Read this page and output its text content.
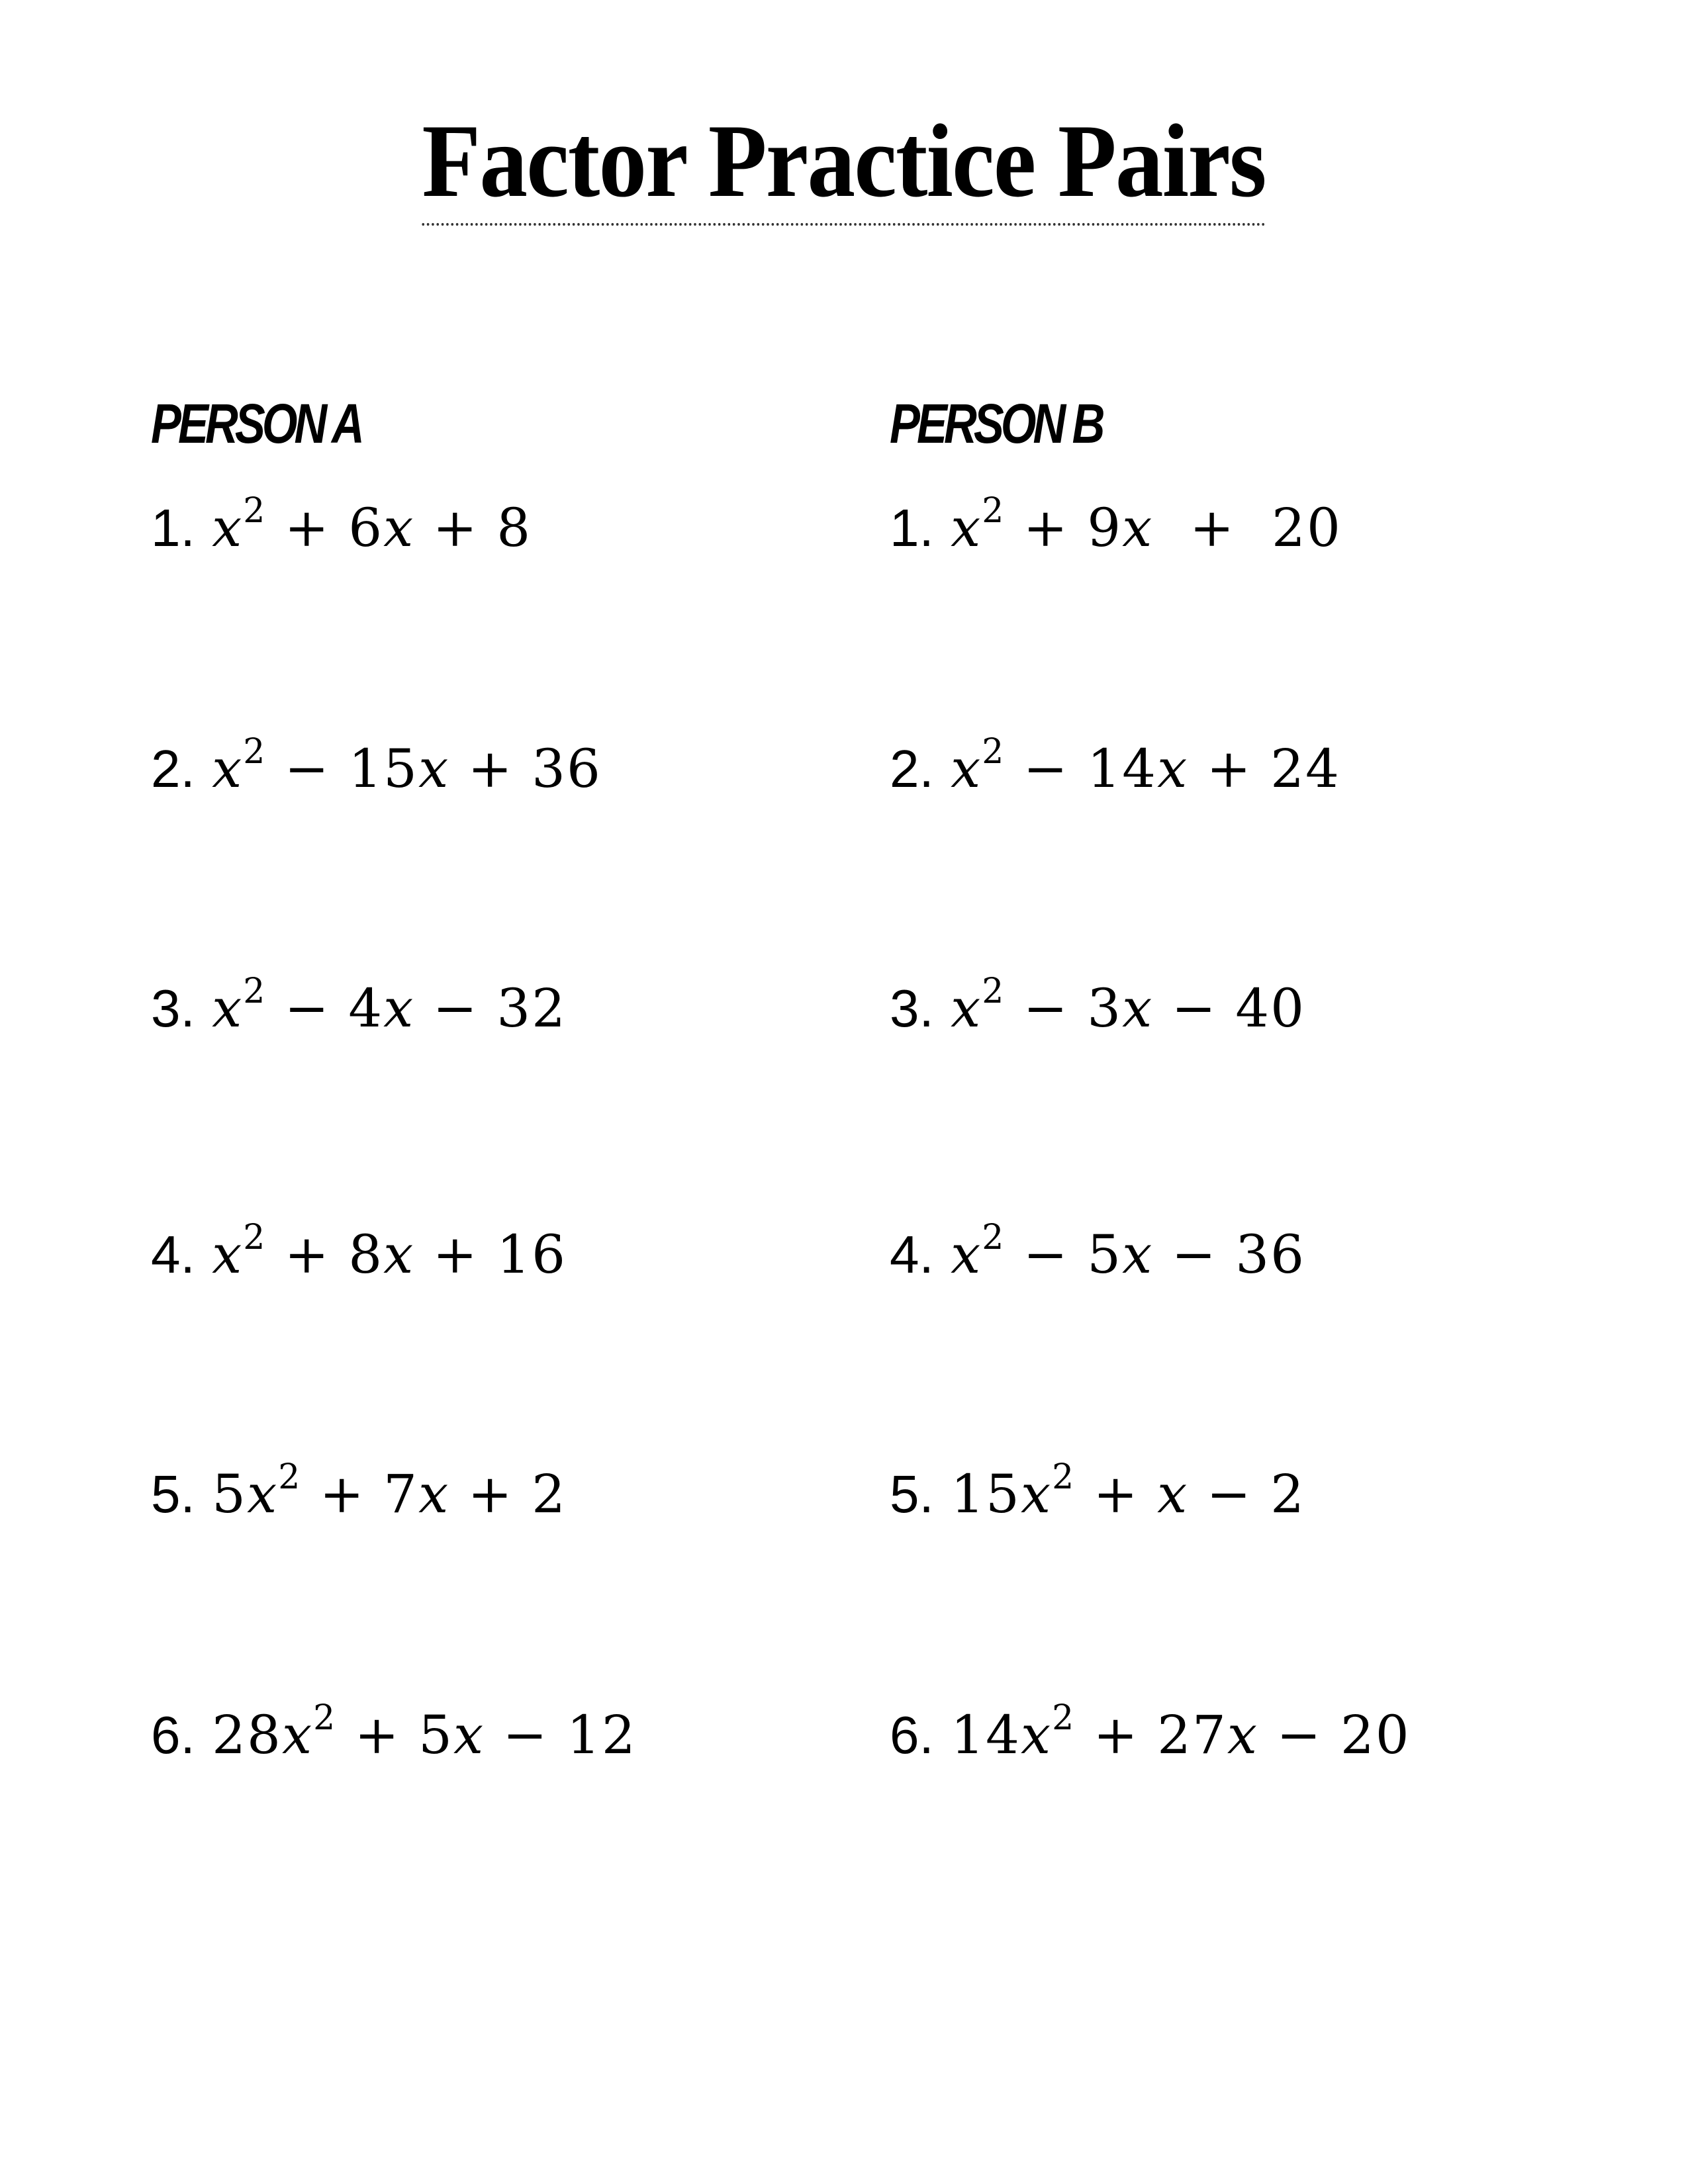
Factor Practice Pairs
PERSON A
1. $x^2 + 6x + 8$
2. $x^2 - 15x + 36$
3. $x^2 - 4x - 32$
4. $x^2 + 8x + 16$
5. $5x^2 + 7x + 2$
6. $28x^2 + 5x - 12$
PERSON B
1. $x^2 + 9x + 20$
2. $x^2 - 14x + 24$
3. $x^2 - 3x - 40$
4. $x^2 - 5x - 36$
5. $15x^2 + x - 2$
6. $14x^2 + 27x - 20$
